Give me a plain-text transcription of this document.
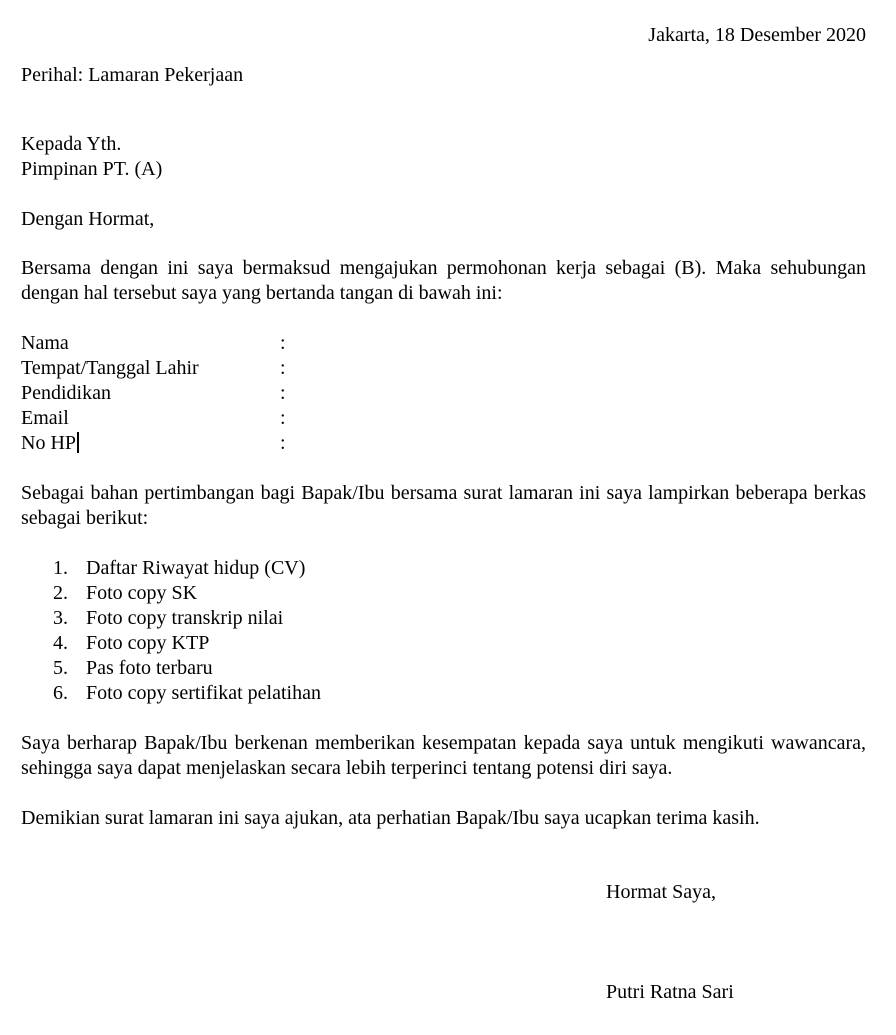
Jakarta, 18 Desember 2020
Perihal: Lamaran Pekerjaan
Kepada Yth.
Pimpinan PT. (A)
Dengan Hormat,
Bersama dengan ini saya bermaksud mengajukan permohonan kerja sebagai (B). Maka sehubungan dengan hal tersebut saya yang bertanda tangan di bawah ini:
Nama	:
Tempat/Tanggal Lahir	:
Pendidikan	:
Email	:
No HP	:
Sebagai bahan pertimbangan bagi Bapak/Ibu bersama surat lamaran ini saya lampirkan beberapa berkas sebagai berikut:
1. Daftar Riwayat hidup (CV)
2. Foto copy SK
3. Foto copy transkrip nilai
4. Foto copy KTP
5. Pas foto terbaru
6. Foto copy sertifikat pelatihan
Saya berharap Bapak/Ibu berkenan memberikan kesempatan kepada saya untuk mengikuti wawancara, sehingga saya dapat menjelaskan secara lebih terperinci tentang potensi diri saya.
Demikian surat lamaran ini saya ajukan, ata perhatian Bapak/Ibu saya ucapkan terima kasih.
Hormat Saya,
Putri Ratna Sari
